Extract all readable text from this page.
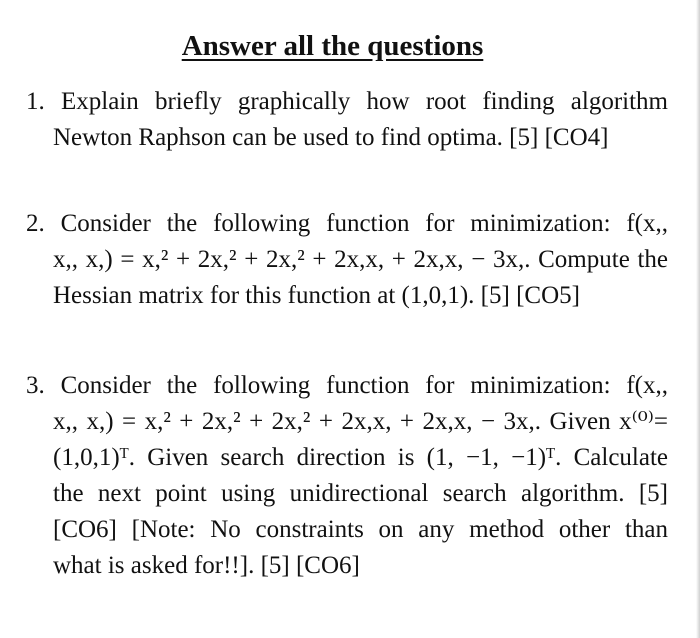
Answer all the questions
1. Explain briefly graphically how root finding algorithm
Newton Raphson can be used to find optima. [5] [CO4]
2. Consider the following function for minimization: f(x,,
x,, x,) = x,² + 2x,² + 2x,² + 2x,x, + 2x,x, − 3x,. Compute the
Hessian matrix for this function at (1,0,1). [5] [CO5]
3. Consider the following function for minimization: f(x,,
x,, x,) = x,² + 2x,² + 2x,² + 2x,x, + 2x,x, − 3x,. Given x⁽⁰⁾=
(1,0,1)ᵀ. Given search direction is (1, −1, −1)ᵀ. Calculate
the next point using unidirectional search algorithm. [5]
[CO6] [Note: No constraints on any method other than
what is asked for!!]. [5] [CO6]
